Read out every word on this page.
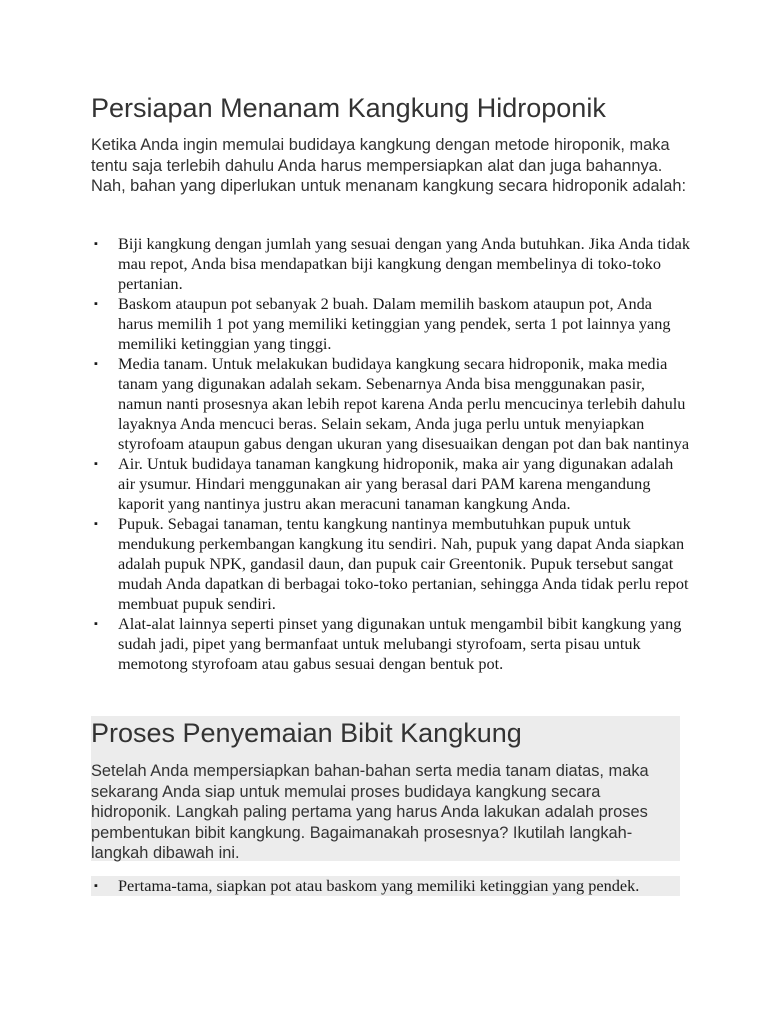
Persiapan Menanam Kangkung Hidroponik

Ketika Anda ingin memulai budidaya kangkung dengan metode hiroponik, maka tentu saja terlebih dahulu Anda harus mempersiapkan alat dan juga bahannya. Nah, bahan yang diperlukan untuk menanam kangkung secara hidroponik adalah:

▪ Biji kangkung dengan jumlah yang sesuai dengan yang Anda butuhkan. Jika Anda tidak mau repot, Anda bisa mendapatkan biji kangkung dengan membelinya di toko-toko pertanian.
▪ Baskom ataupun pot sebanyak 2 buah. Dalam memilih baskom ataupun pot, Anda harus memilih 1 pot yang memiliki ketinggian yang pendek, serta 1 pot lainnya yang memiliki ketinggian yang tinggi.
▪ Media tanam. Untuk melakukan budidaya kangkung secara hidroponik, maka media tanam yang digunakan adalah sekam. Sebenarnya Anda bisa menggunakan pasir, namun nanti prosesnya akan lebih repot karena Anda perlu mencucinya terlebih dahulu layaknya Anda mencuci beras. Selain sekam, Anda juga perlu untuk menyiapkan styrofoam ataupun gabus dengan ukuran yang disesuaikan dengan pot dan bak nantinya
▪ Air. Untuk budidaya tanaman kangkung hidroponik, maka air yang digunakan adalah air ysumur. Hindari menggunakan air yang berasal dari PAM karena mengandung kaporit yang nantinya justru akan meracuni tanaman kangkung Anda.
▪ Pupuk. Sebagai tanaman, tentu kangkung nantinya membutuhkan pupuk untuk mendukung perkembangan kangkung itu sendiri. Nah, pupuk yang dapat Anda siapkan adalah pupuk NPK, gandasil daun, dan pupuk cair Greentonik. Pupuk tersebut sangat mudah Anda dapatkan di berbagai toko-toko pertanian, sehingga Anda tidak perlu repot membuat pupuk sendiri.
▪ Alat-alat lainnya seperti pinset yang digunakan untuk mengambil bibit kangkung yang sudah jadi, pipet yang bermanfaat untuk melubangi styrofoam, serta pisau untuk memotong styrofoam atau gabus sesuai dengan bentuk pot.
Proses Penyemaian Bibit Kangkung

Setelah Anda mempersiapkan bahan-bahan serta media tanam diatas, maka sekarang Anda siap untuk memulai proses budidaya kangkung secara hidroponik. Langkah paling pertama yang harus Anda lakukan adalah proses pembentukan bibit kangkung. Bagaimanakah prosesnya? Ikutilah langkah-langkah dibawah ini.

▪ Pertama-tama, siapkan pot atau baskom yang memiliki ketinggian yang pendek.
